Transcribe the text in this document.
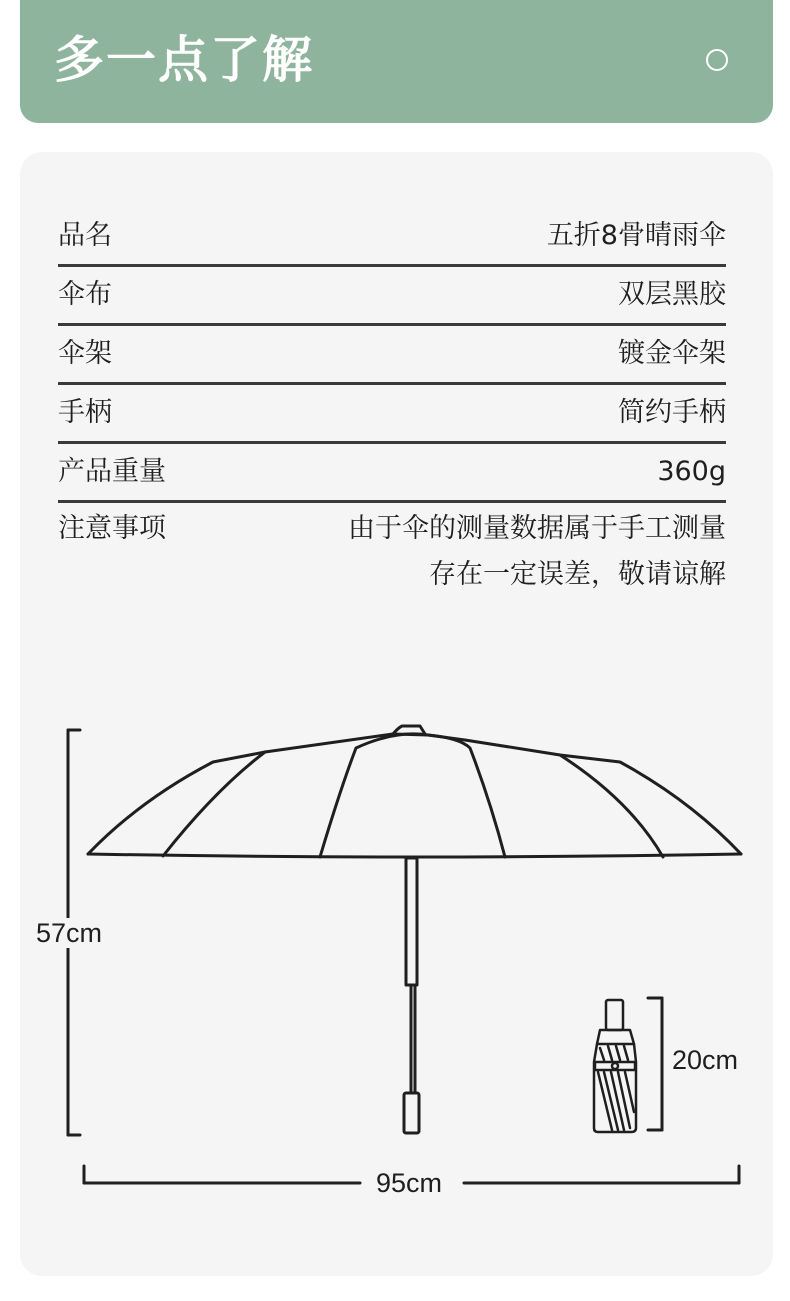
多一点了解
品名	五折8骨晴雨伞
伞布	双层黑胶
伞架	镀金伞架
手柄	简约手柄
产品重量	360g
注意事项	由于伞的测量数据属于手工测量
存在一定误差，敬请谅解
57cm
95cm
20cm
